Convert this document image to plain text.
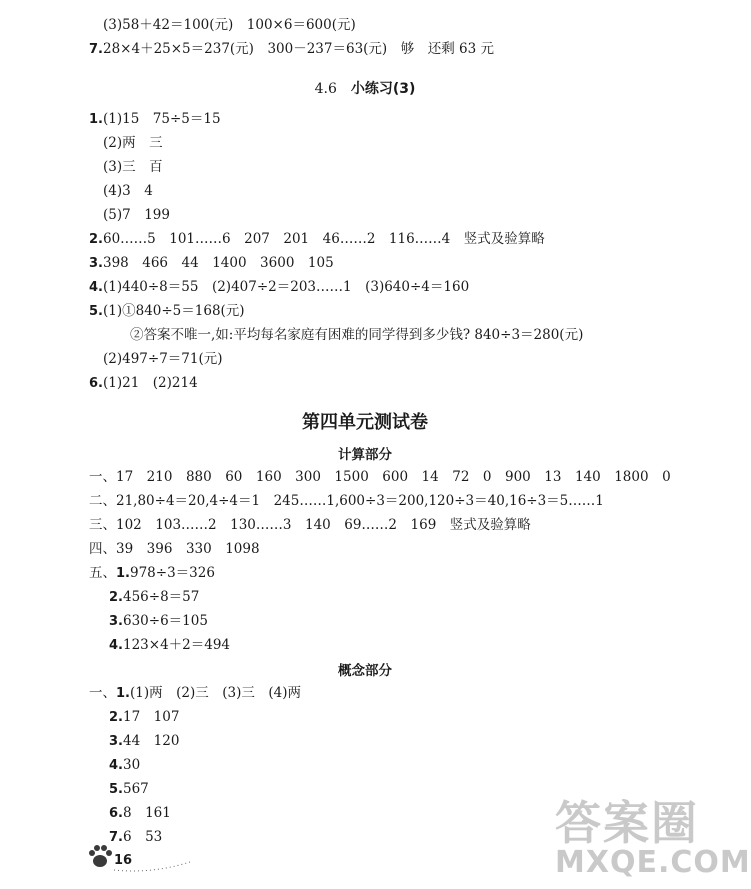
(3)58＋42＝100(元)　100×6＝600(元)
7.28×4＋25×5＝237(元)　300－237＝63(元)　够　还剩 63 元
4.6　 小练习(3)
1.(1)15　75÷5＝15
(2)两　三
(3)三　百
(4)3　4
(5)7　199
2.60……5　101……6　207　201　46……2　116……4　竖式及验算略
3.398　466　44　1400　3600　105
4.(1)440÷8＝55　(2)407÷2＝203……1　(3)640÷4＝160
5.(1)①840÷5＝168(元)
②答案不唯一,如:平均每名家庭有困难的同学得到多少钱? 840÷3＝280(元)
(2)497÷7＝71(元)
6.(1)21　(2)214
第四单元测试卷
计算部分
一、17　210　880　60　160　300　1500　600　14　72　0　900　13　140　1800　0
二、21,80÷4＝20,4÷4＝1　245……1,600÷3＝200,120÷3＝40,16÷3＝5……1
三、102　103……2　130……3　140　69……2　169　竖式及验算略
四、39　396　330　1098
五、1.978÷3＝326
2.456÷8＝57
3.630÷6＝105
4.123×4＋2＝494
概念部分
一、1.(1)两　(2)三　(3)三　(4)两
2.17　107
3.44　120
4.30
5.567
6.8　161
7.6　53
16
答案圈
MXQE.COM
